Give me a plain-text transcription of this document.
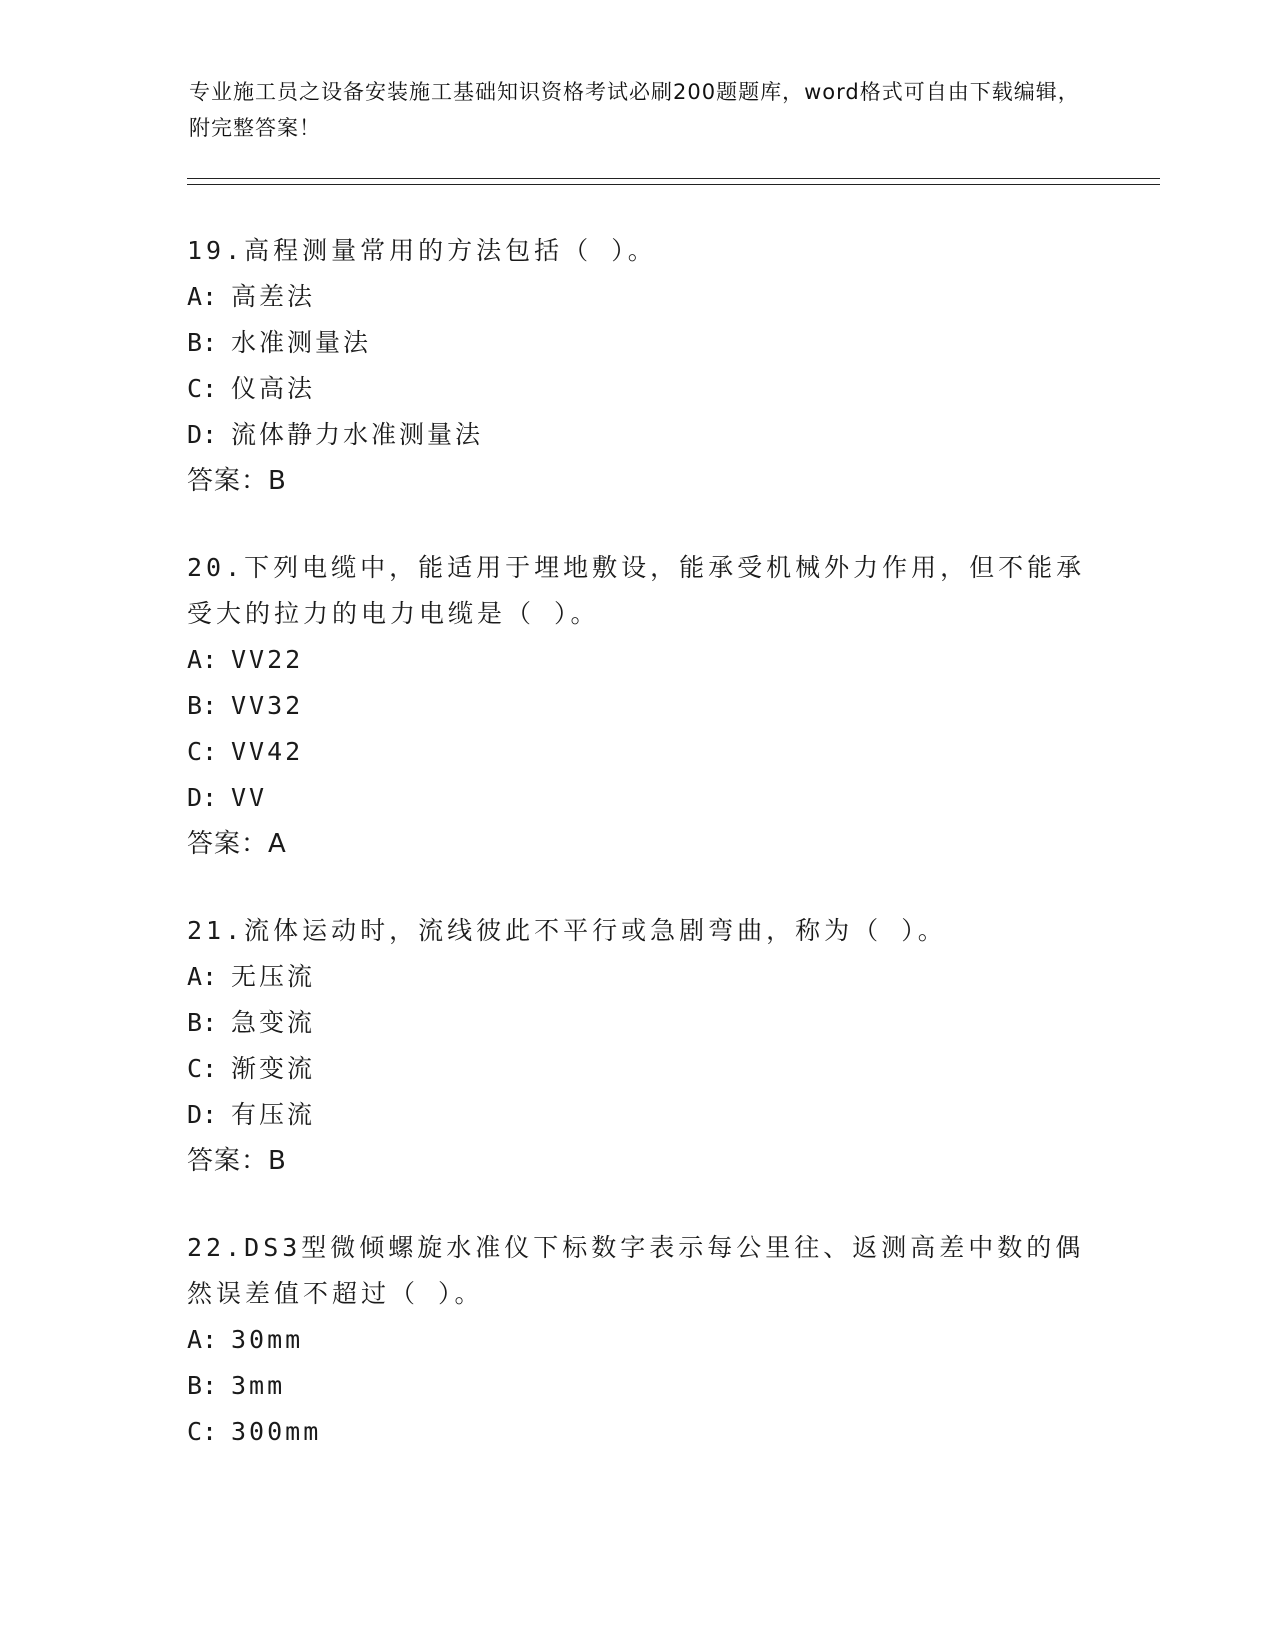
专业施工员之设备安装施工基础知识资格考试必刷200题题库，word格式可自由下载编辑，附完整答案！
19.高程测量常用的方法包括（ ）。
A: 高差法
B: 水准测量法
C: 仪高法
D: 流体静力水准测量法
答案：B
20.下列电缆中，能适用于埋地敷设，能承受机械外力作用，但不能承受大的拉力的电力电缆是（ ）。
A: VV22
B: VV32
C: VV42
D: VV
答案：A
21.流体运动时，流线彼此不平行或急剧弯曲，称为（ ）。
A: 无压流
B: 急变流
C: 渐变流
D: 有压流
答案：B
22.DS3型微倾螺旋水准仪下标数字表示每公里往、返测高差中数的偶然误差值不超过（ ）。
A: 30mm
B: 3mm
C: 300mm
